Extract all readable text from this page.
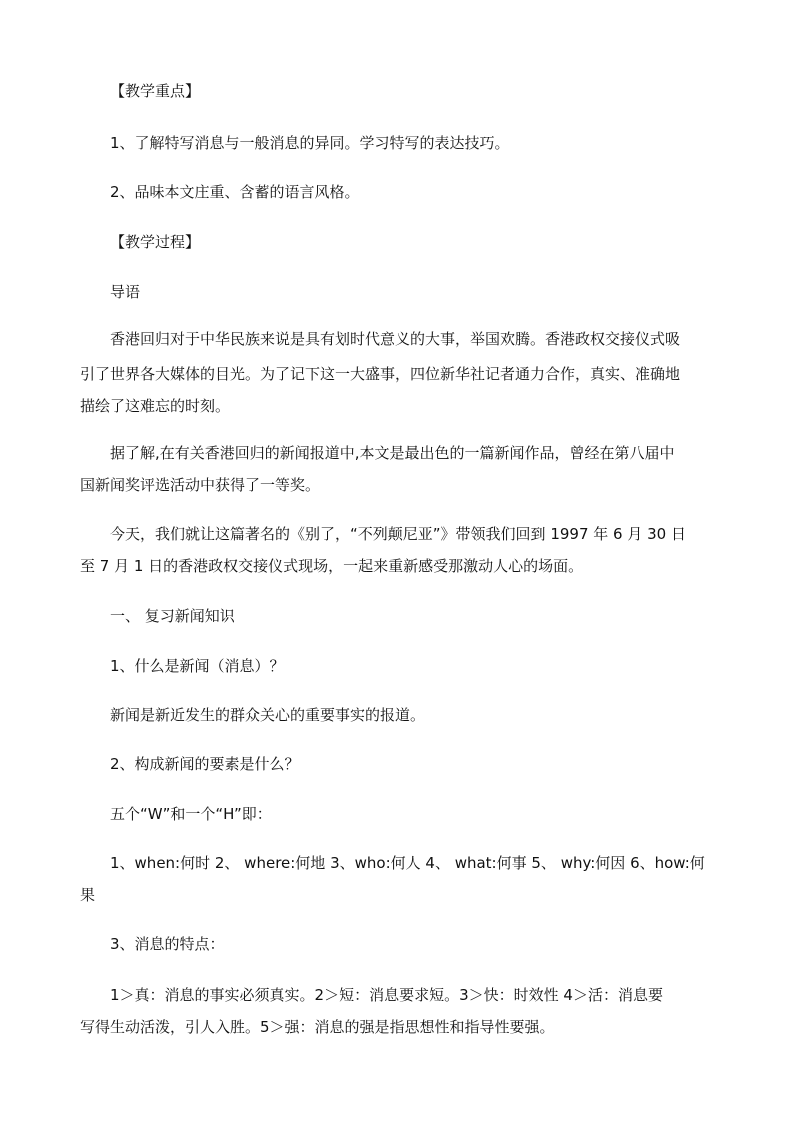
【教学重点】
1、了解特写消息与一般消息的异同。学习特写的表达技巧。
2、品味本文庄重、含蓄的语言风格。
【教学过程】
导语
香港回归对于中华民族来说是具有划时代意义的大事，举国欢腾。香港政权交接仪式吸
引了世界各大媒体的目光。为了记下这一大盛事，四位新华社记者通力合作，真实、准确地
描绘了这难忘的时刻。
据了解,在有关香港回归的新闻报道中,本文是最出色的一篇新闻作品，曾经在第八届中
国新闻奖评选活动中获得了一等奖。
今天，我们就让这篇著名的《别了，“不列颠尼亚”》带领我们回到 1997 年 6 月 30 日
至 7 月 1 日的香港政权交接仪式现场，一起来重新感受那激动人心的场面。
一、 复习新闻知识
1、什么是新闻（消息）？
新闻是新近发生的群众关心的重要事实的报道。
2、构成新闻的要素是什么？
五个“W”和一个“H”即：
1、when:何时 2、 where:何地 3、who:何人 4、 what:何事 5、 why:何因 6、how:何
果
3、消息的特点：
1＞真：消息的事实必须真实。2＞短：消息要求短。3＞快：时效性 4＞活：消息要
写得生动活泼，引人入胜。5＞强：消息的强是指思想性和指导性要强。
